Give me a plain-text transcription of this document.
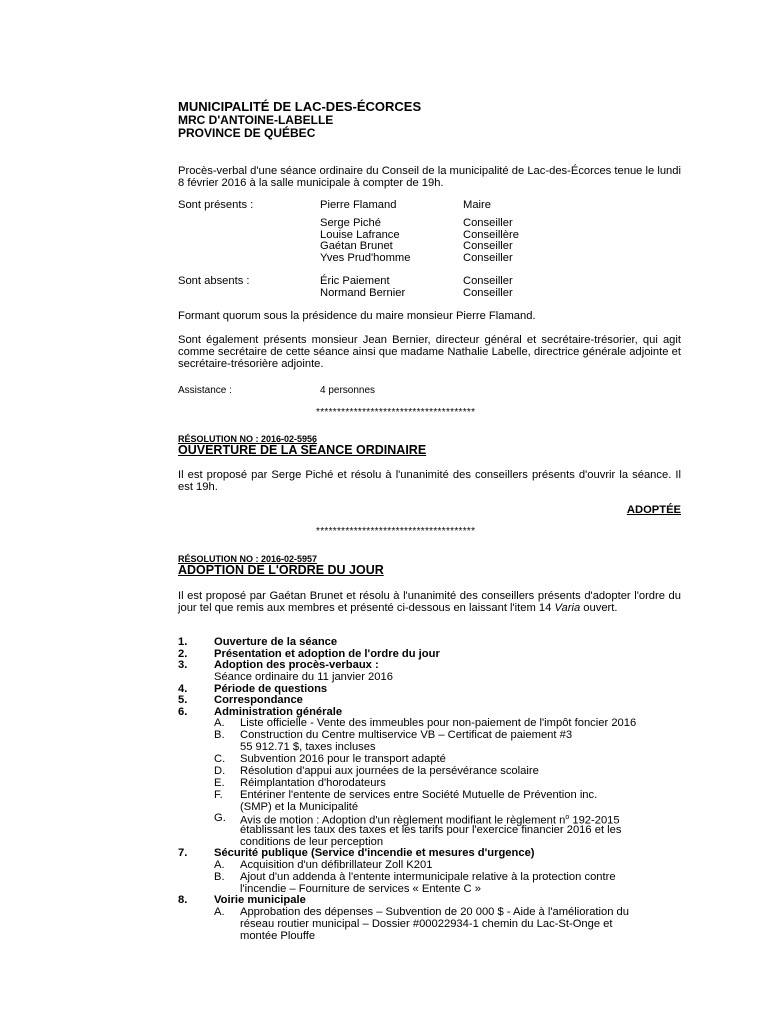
MUNICIPALITÉ DE LAC-DES-ÉCORCES
MRC D'ANTOINE-LABELLE
PROVINCE DE QUÉBEC
Procès-verbal d'une séance ordinaire du Conseil de la municipalité de Lac-des-Écorces tenue le lundi 8 février 2016 à la salle municipale à compter de 19h.
Sont présents :	Pierre Flamand	Maire
Serge Piché	Conseiller
Louise Lafrance	Conseillère
Gaétan Brunet	Conseiller
Yves Prud'homme	Conseiller
Sont absents :	Éric Paiement	Conseiller
Normand Bernier	Conseiller
Formant quorum sous la présidence du maire monsieur Pierre Flamand.
Sont également présents monsieur Jean Bernier, directeur général et secrétaire-trésorier, qui agit comme secrétaire de cette séance ainsi que madame Nathalie Labelle, directrice générale adjointe et secrétaire-trésorière adjointe.
Assistance :	4 personnes
**************************************
RÉSOLUTION NO : 2016-02-5956
OUVERTURE DE LA SÉANCE ORDINAIRE
Il est proposé par Serge Piché et résolu à l'unanimité des conseillers présents d'ouvrir la séance. Il est 19h.
ADOPTÉE
**************************************
RÉSOLUTION NO : 2016-02-5957
ADOPTION DE L'ORDRE DU JOUR
Il est proposé par Gaétan Brunet et résolu à l'unanimité des conseillers présents d'adopter l'ordre du jour tel que remis aux membres et présenté ci-dessous en laissant l'item 14 Varia ouvert.
1. Ouverture de la séance
2. Présentation et adoption de l'ordre du jour
3. Adoption des procès-verbaux :
Séance ordinaire du 11 janvier 2016
4. Période de questions
5. Correspondance
6. Administration générale
A. Liste officielle - Vente des immeubles pour non-paiement de l'impôt foncier 2016
B. Construction du Centre multiservice VB – Certificat de paiement #3
55 912.71 $, taxes incluses
C. Subvention 2016 pour le transport adapté
D. Résolution d'appui aux journées de la persévérance scolaire
E. Réimplantation d'horodateurs
F. Entériner l'entente de services entre Société Mutuelle de Prévention inc.
(SMP) et la Municipalité
G. Avis de motion : Adoption d'un règlement modifiant le règlement $n^o$ 192-2015
établissant les taux des taxes et les tarifs pour l'exercice financier 2016 et les
conditions de leur perception
7. Sécurité publique (Service d'incendie et mesures d'urgence)
A. Acquisition d'un défibrillateur Zoll K201
B. Ajout d'un addenda à l'entente intermunicipale relative à la protection contre
l'incendie – Fourniture de services « Entente C »
8. Voirie municipale
A. Approbation des dépenses – Subvention de 20 000 $ - Aide à l'amélioration du
réseau routier municipal – Dossier #00022934-1 chemin du Lac-St-Onge et
montée Plouffe
